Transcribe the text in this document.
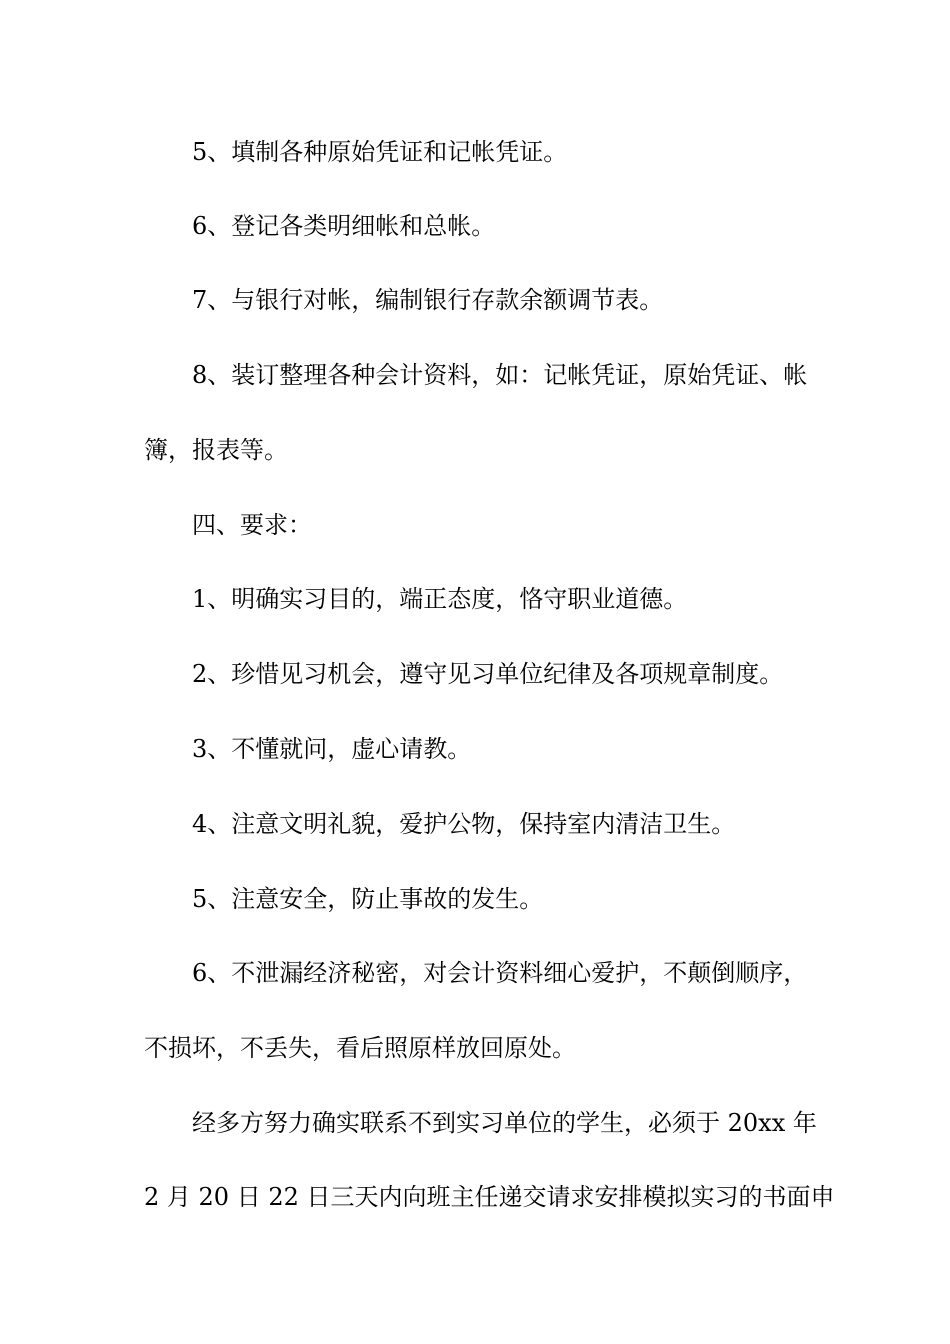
5、填制各种原始凭证和记帐凭证。
6、登记各类明细帐和总帐。
7、与银行对帐，编制银行存款余额调节表。
8、装订整理各种会计资料，如：记帐凭证，原始凭证、帐
簿，报表等。
四、要求：
1、明确实习目的，端正态度，恪守职业道德。
2、珍惜见习机会，遵守见习单位纪律及各项规章制度。
3、不懂就问，虚心请教。
4、注意文明礼貌，爱护公物，保持室内清洁卫生。
5、注意安全，防止事故的发生。
6、不泄漏经济秘密，对会计资料细心爱护，不颠倒顺序，
不损坏，不丢失，看后照原样放回原处。
经多方努力确实联系不到实习单位的学生，必须于 20xx 年
2 月 20 日 22 日三天内向班主任递交请求安排模拟实习的书面申
